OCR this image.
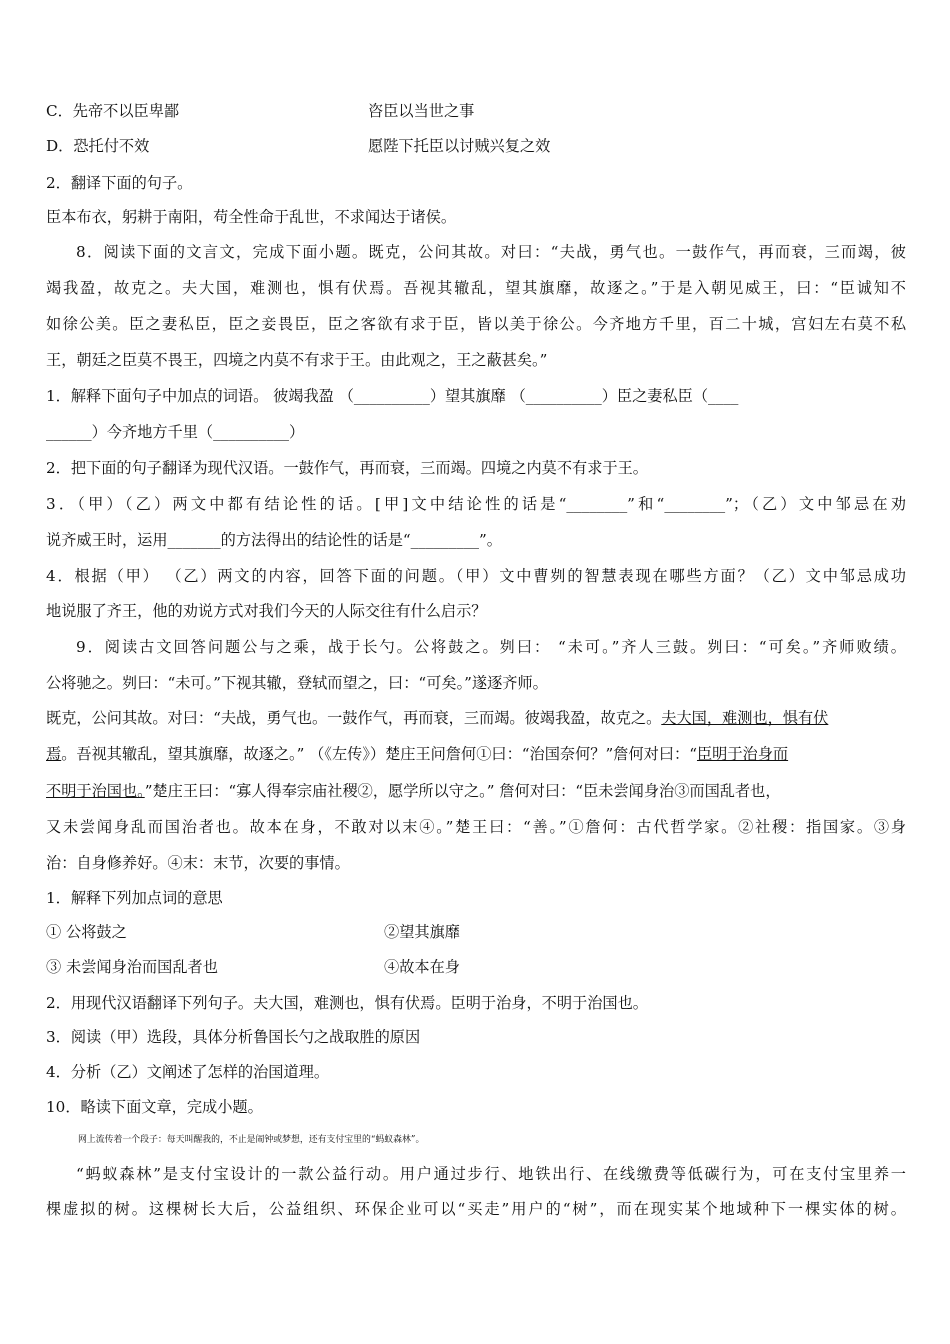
C．先帝不以臣卑鄙	咨臣以当世之事
D．恐托付不效	愿陛下托臣以讨贼兴复之效
2．翻译下面的句子。
臣本布衣，躬耕于南阳，苟全性命于乱世，不求闻达于诸侯。
8．阅读下面的文言文，完成下面小题。既克，公问其故。对曰：“夫战，勇气也。一鼓作气，再而衰，三而竭，彼
竭我盈，故克之。夫大国，难测也，惧有伏焉。吾视其辙乱，望其旗靡，故逐之。”于是入朝见威王，曰：“臣诚知不
如徐公美。臣之妻私臣，臣之妾畏臣，臣之客欲有求于臣，皆以美于徐公。今齐地方千里，百二十城，宫妇左右莫不私
王，朝廷之臣莫不畏王，四境之内莫不有求于王。由此观之，王之蔽甚矣。”
1．解释下面句子中加点的词语。 彼竭我盈 （__________）望其旗靡 （__________）臣之妻私臣（____
______）今齐地方千里（__________）
2．把下面的句子翻译为现代汉语。一鼓作气，再而衰，三而竭。四境之内莫不有求于王。
3．（甲）（乙）两文中都有结论性的话。[甲]文中结论性的话是“________”和“________”；（乙）文中邹忌在劝
说齐威王时，运用_______的方法得出的结论性的话是“_________”。
4．根据（甲） （乙）两文的内容，回答下面的问题。（甲）文中曹刿的智慧表现在哪些方面？（乙）文中邹忌成功
地说服了齐王，他的劝说方式对我们今天的人际交往有什么启示？
9．阅读古文回答问题公与之乘，战于长勺。公将鼓之。刿曰： “未可。”齐人三鼓。刿曰：“可矣。”齐师败绩。
公将驰之。刿曰：“未可。”下视其辙，登轼而望之，曰：“可矣。”遂逐齐师。
既克，公问其故。对曰：“夫战，勇气也。一鼓作气，再而衰，三而竭。彼竭我盈，故克之。夫大国，难测也，惧有伏
焉。吾视其辙乱，望其旗靡，故逐之。” （《左传》）楚庄王问詹何①曰：“治国奈何？”詹何对曰：“臣明于治身而
不明于治国也。”楚庄王曰：“寡人得奉宗庙社稷②，愿学所以守之。” 詹何对曰：“臣未尝闻身治③而国乱者也，
又未尝闻身乱而国治者也。故本在身，不敢对以末④。”楚王曰：“善。”①詹何：古代哲学家。②社稷：指国家。③身
治：自身修养好。④末：末节，次要的事情。
1．解释下列加点词的意思
① 公将鼓之	②望其旗靡
③ 未尝闻身治而国乱者也	④故本在身
2．用现代汉语翻译下列句子。夫大国，难测也，惧有伏焉。臣明于治身，不明于治国也。
3．阅读（甲）选段，具体分析鲁国长勺之战取胜的原因
4．分析（乙）文阐述了怎样的治国道理。
10．略读下面文章，完成小题。
网上流传着一个段子：每天叫醒我的，不止是闹钟或梦想，还有支付宝里的“蚂蚁森林”。
“蚂蚁森林”是支付宝设计的一款公益行动。用户通过步行、地铁出行、在线缴费等低碳行为，可在支付宝里养一
棵虚拟的树。这棵树长大后，公益组织、环保企业可以“买走”用户的“树”，而在现实某个地域种下一棵实体的树。
